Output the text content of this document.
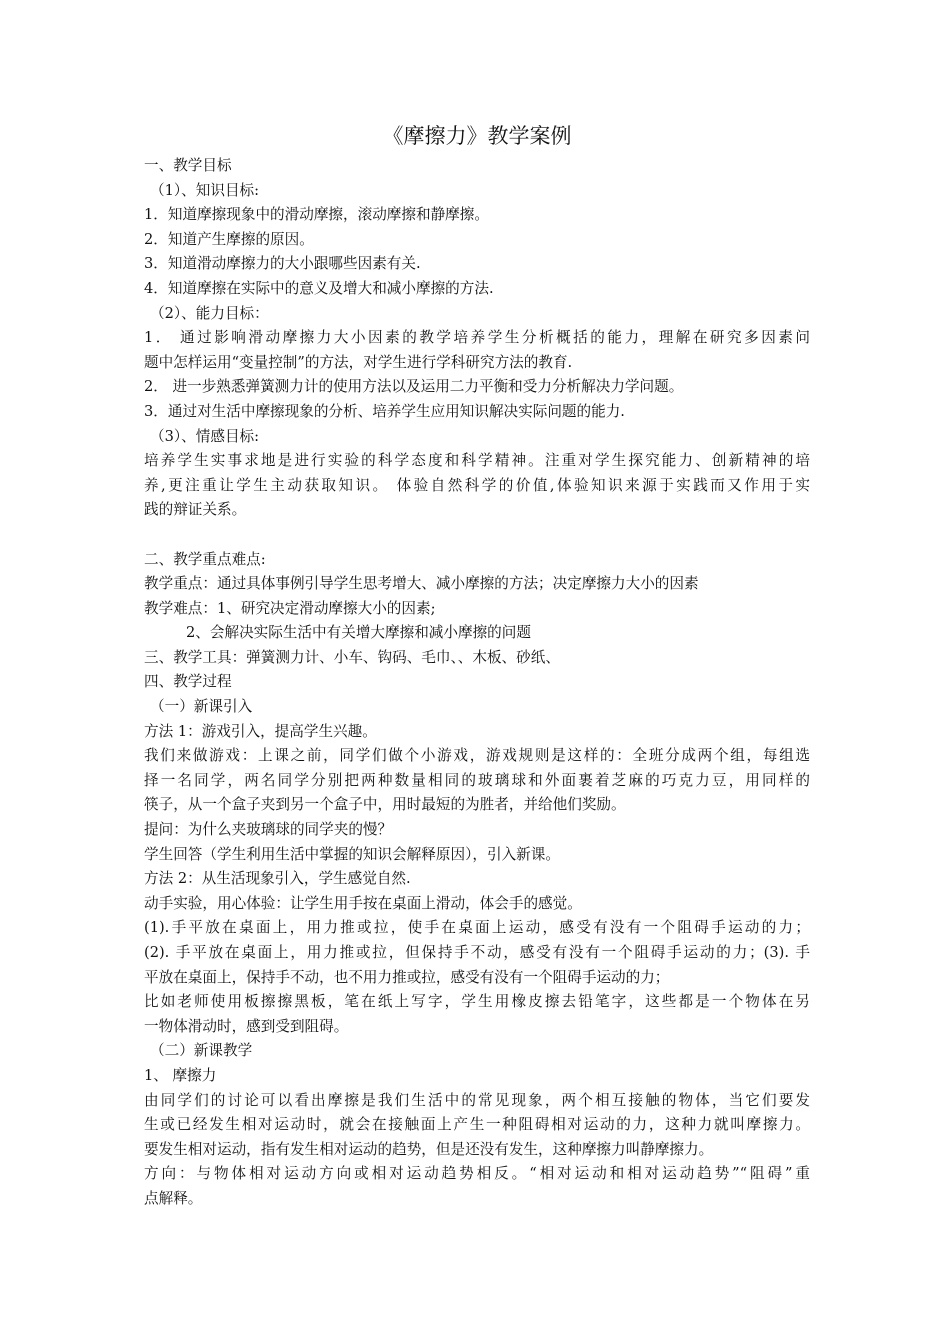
《摩擦力》教学案例
一、教学目标
（1）、知识目标:
1．知道摩擦现象中的滑动摩擦，滚动摩擦和静摩擦。
2．知道产生摩擦的原因。
3．知道滑动摩擦力的大小跟哪些因素有关.
4．知道摩擦在实际中的意义及增大和减小摩擦的方法.
（2）、能力目标：
1． 通过影响滑动摩擦力大小因素的教学培养学生分析概括的能力，理解在研究多因素问
题中怎样运用“变量控制”的方法，对学生进行学科研究方法的教育.
2． 进一步熟悉弹簧测力计的使用方法以及运用二力平衡和受力分析解决力学问题。
3．通过对生活中摩擦现象的分析、培养学生应用知识解决实际问题的能力.
（3）、情感目标:
培养学生实事求地是进行实验的科学态度和科学精神。注重对学生探究能力、创新精神的培
养,更注重让学生主动获取知识。 体验自然科学的价值,体验知识来源于实践而又作用于实
践的辩证关系。
二、教学重点难点:
教学重点：通过具体事例引导学生思考增大、减小摩擦的方法；决定摩擦力大小的因素
教学难点：1、研究决定滑动摩擦大小的因素;
2、会解决实际生活中有关增大摩擦和减小摩擦的问题
三、教学工具：弹簧测力计、小车、钩码、毛巾、、木板、砂纸、
四、教学过程
（一）新课引入
方法 1：游戏引入，提高学生兴趣。
我们来做游戏：上课之前，同学们做个小游戏，游戏规则是这样的：全班分成两个组，每组选
择一名同学，两名同学分别把两种数量相同的玻璃球和外面裹着芝麻的巧克力豆，用同样的
筷子，从一个盒子夹到另一个盒子中，用时最短的为胜者，并给他们奖励。
提问：为什么夹玻璃球的同学夹的慢？
学生回答（学生利用生活中掌握的知识会解释原因），引入新课。
方法 2：从生活现象引入，学生感觉自然.
动手实验，用心体验：让学生用手按在桌面上滑动，体会手的感觉。
(1).手平放在桌面上，用力推或拉，使手在桌面上运动，感受有没有一个阻碍手运动的力；
(2). 手平放在桌面上，用力推或拉，但保持手不动，感受有没有一个阻碍手运动的力；(3). 手
平放在桌面上，保持手不动，也不用力推或拉，感受有没有一个阻碍手运动的力；
比如老师使用板擦擦黑板，笔在纸上写字，学生用橡皮擦去铅笔字，这些都是一个物体在另
一物体滑动时，感到受到阻碍。
（二）新课教学
1、 摩擦力
由同学们的讨论可以看出摩擦是我们生活中的常见现象，两个相互接触的物体，当它们要发
生或已经发生相对运动时，就会在接触面上产生一种阻碍相对运动的力，这种力就叫摩擦力。
要发生相对运动，指有发生相对运动的趋势，但是还没有发生，这种摩擦力叫静摩擦力。
方向：与物体相对运动方向或相对运动趋势相反。“相对运动和相对运动趋势”“阻碍”重
点解释。
